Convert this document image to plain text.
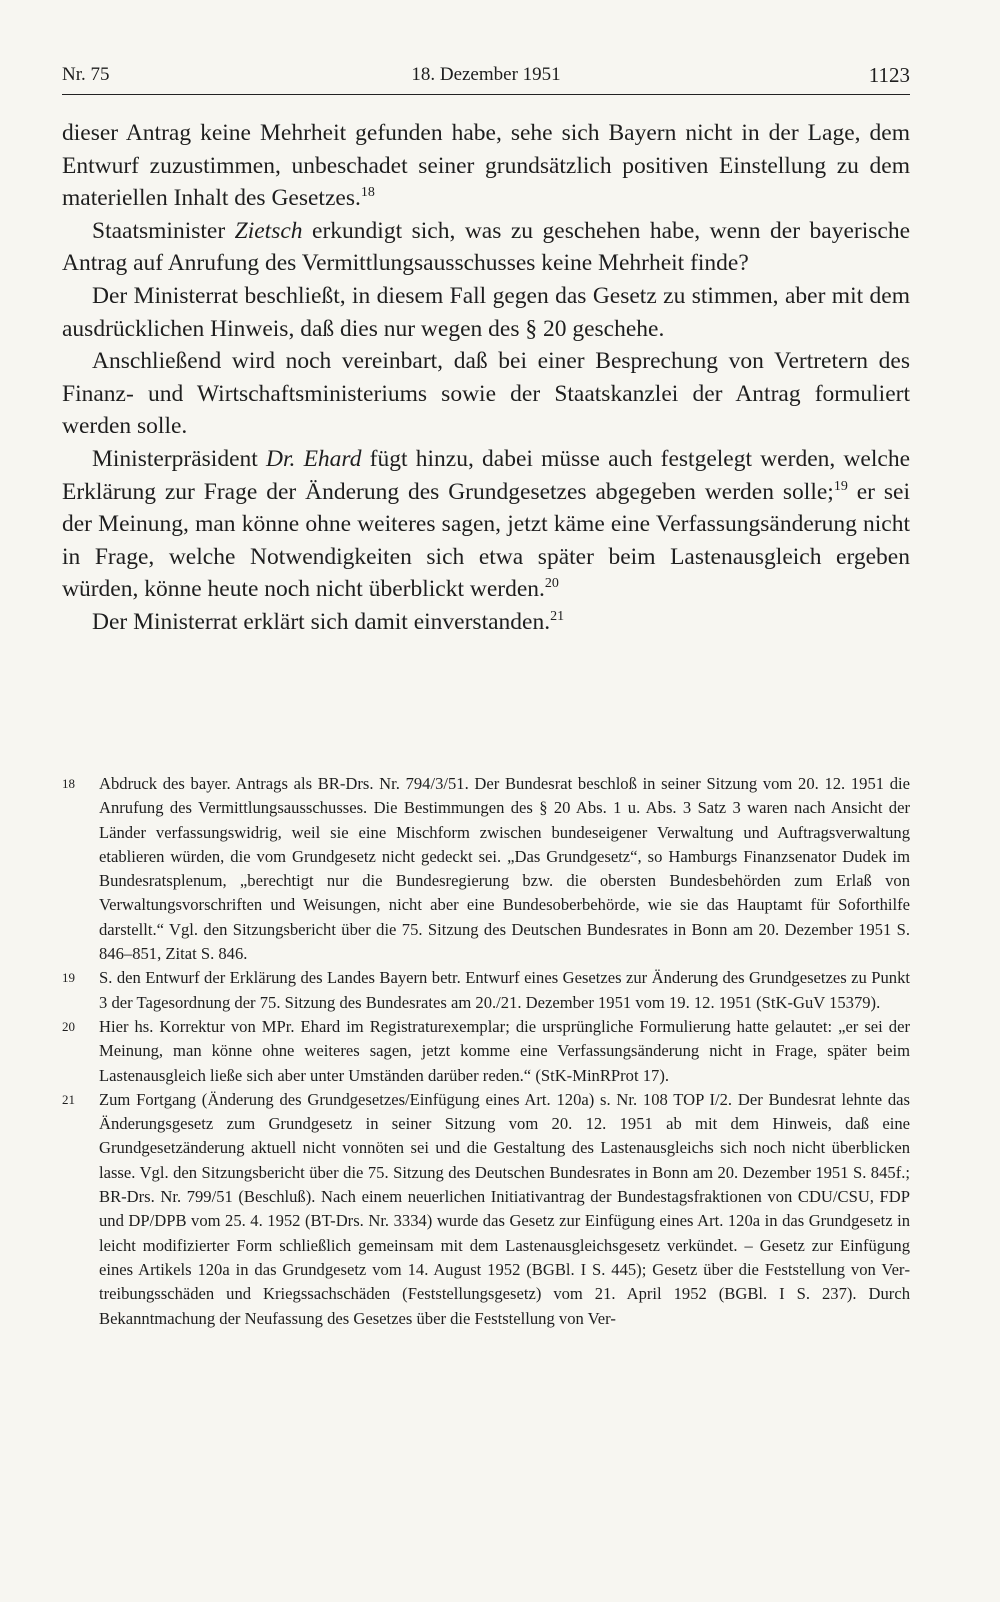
Nr. 75	18. Dezember 1951	1123

dieser Antrag keine Mehrheit gefunden habe, sehe sich Bayern nicht in der Lage, dem Entwurf zuzustimmen, unbeschadet seiner grundsätzlich positiven Einstellung zu dem materiellen Inhalt des Gesetzes.$^{18}$

Staatsminister Zietsch erkundigt sich, was zu geschehen habe, wenn der bayerische Antrag auf Anrufung des Vermittlungsausschusses keine Mehrheit finde?

Der Ministerrat beschließt, in diesem Fall gegen das Gesetz zu stimmen, aber mit dem ausdrücklichen Hinweis, daß dies nur wegen des § 20 geschehe.

Anschließend wird noch vereinbart, daß bei einer Besprechung von Vertretern des Finanz- und Wirtschaftsministeriums sowie der Staatskanzlei der Antrag formuliert werden solle.

Ministerpräsident Dr. Ehard fügt hinzu, dabei müsse auch festgelegt werden, welche Erklärung zur Frage der Änderung des Grundgesetzes abgegeben werden solle;$^{19}$ er sei der Meinung, man könne ohne weiteres sagen, jetzt käme eine Verfassungsänderung nicht in Frage, welche Notwendigkeiten sich etwa später beim Lastenausgleich ergeben würden, könne heute noch nicht überblickt werden.$^{20}$

Der Ministerrat erklärt sich damit einverstanden.$^{21}$

18 Abdruck des bayer. Antrags als BR-Drs. Nr. 794/3/51. Der Bundesrat beschloß in seiner Sitzung vom 20. 12. 1951 die Anrufung des Vermittlungsausschusses. Die Bestimmungen des § 20 Abs. 1 u. Abs. 3 Satz 3 waren nach Ansicht der Länder verfassungswidrig, weil sie eine Mischform zwischen bundeseigener Verwaltung und Auftragsverwaltung etablieren würden, die vom Grundgesetz nicht gedeckt sei. „Das Grundgesetz“, so Hamburgs Finanzsenator Dudek im Bundesratsplenum, „berechtigt nur die Bundesregierung bzw. die obersten Bundesbehörden zum Erlaß von Verwaltungsvorschriften und Weisungen, nicht aber eine Bundesoberbehörde, wie sie das Hauptamt für Soforthilfe darstellt.“ Vgl. den Sitzungsbericht über die 75. Sitzung des Deutschen Bundesrates in Bonn am 20. Dezember 1951 S. 846–851, Zitat S. 846.

19 S. den Entwurf der Erklärung des Landes Bayern betr. Entwurf eines Gesetzes zur Änderung des Grundgesetzes zu Punkt 3 der Tagesordnung der 75. Sitzung des Bundesrates am 20./21. Dezember 1951 vom 19. 12. 1951 (StK-GuV 15379).

20 Hier hs. Korrektur von MPr. Ehard im Registraturexemplar; die ursprüngliche Formulierung hatte gelautet: „er sei der Meinung, man könne ohne weiteres sagen, jetzt komme eine Verfassungsänderung nicht in Frage, später beim Lastenausgleich ließe sich aber unter Umständen darüber reden.“ (StK-MinRProt 17).

21 Zum Fortgang (Änderung des Grundgesetzes/Einfügung eines Art. 120a) s. Nr. 108 TOP I/2. Der Bundesrat lehnte das Änderungsgesetz zum Grundgesetz in seiner Sitzung vom 20. 12. 1951 ab mit dem Hinweis, daß eine Grundgesetzänderung aktuell nicht vonnöten sei und die Gestaltung des Lastenausgleichs sich noch nicht überblicken lasse. Vgl. den Sitzungsbericht über die 75. Sitzung des Deutschen Bundesrates in Bonn am 20. Dezember 1951 S. 845f.; BR-Drs. Nr. 799/51 (Beschluß). Nach einem neuerlichen Initiativantrag der Bundestagsfraktionen von CDU/CSU, FDP und DP/DPB vom 25. 4. 1952 (BT-Drs. Nr. 3334) wurde das Gesetz zur Einfügung eines Art. 120a in das Grundgesetz in leicht modifizierter Form schließlich gemeinsam mit dem Lastenausgleichsgesetz verkündet. – Gesetz zur Einfügung eines Artikels 120a in das Grundgesetz vom 14. August 1952 (BGBl. I S. 445); Gesetz über die Feststellung von Vertreibungsschäden und Kriegssachschäden (Feststellungsgesetz) vom 21. April 1952 (BGBl. I S. 237). Durch Bekanntmachung der Neufassung des Gesetzes über die Feststellung von Ver-
